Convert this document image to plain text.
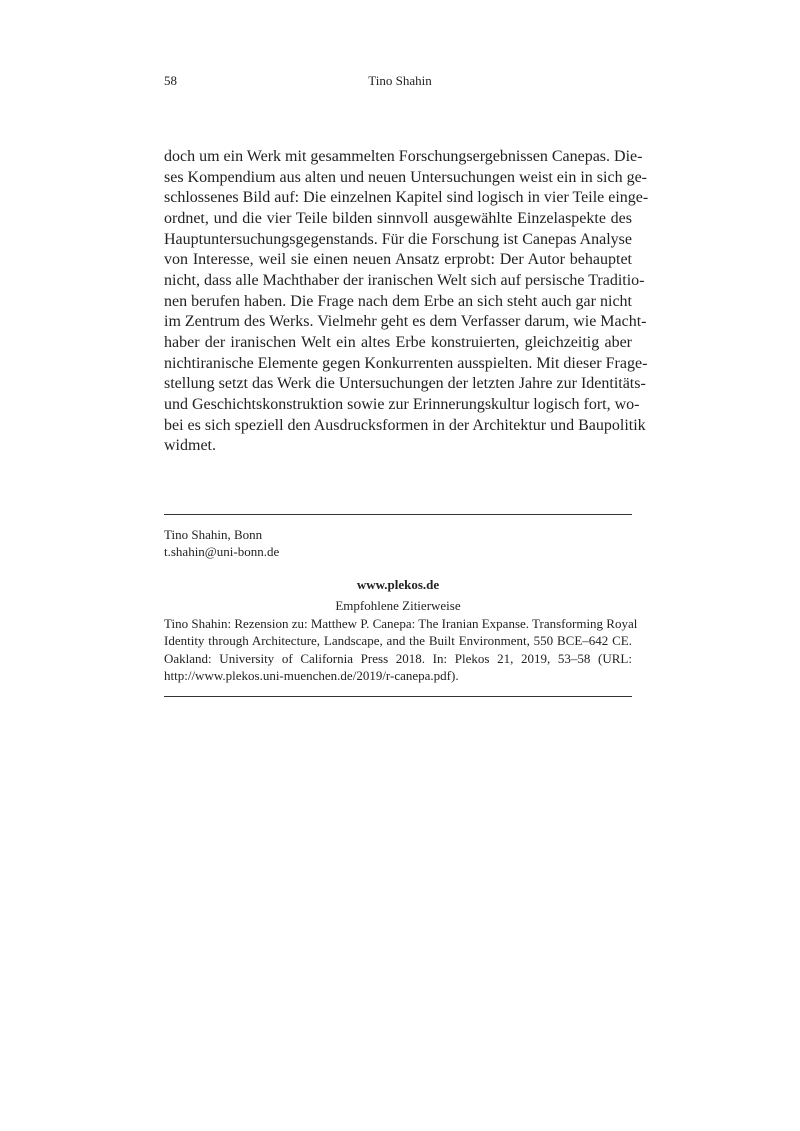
58	Tino Shahin
doch um ein Werk mit gesammelten Forschungsergebnissen Canepas. Die-
ses Kompendium aus alten und neuen Untersuchungen weist ein in sich ge-
schlossenes Bild auf: Die einzelnen Kapitel sind logisch in vier Teile einge-
ordnet, und die vier Teile bilden sinnvoll ausgewählte Einzelaspekte des
Hauptuntersuchungsgegenstands. Für die Forschung ist Canepas Analyse
von Interesse, weil sie einen neuen Ansatz erprobt: Der Autor behauptet
nicht, dass alle Machthaber der iranischen Welt sich auf persische Traditio-
nen berufen haben. Die Frage nach dem Erbe an sich steht auch gar nicht
im Zentrum des Werks. Vielmehr geht es dem Verfasser darum, wie Macht-
haber der iranischen Welt ein altes Erbe konstruierten, gleichzeitig aber
nichtiranische Elemente gegen Konkurrenten ausspielten. Mit dieser Frage-
stellung setzt das Werk die Untersuchungen der letzten Jahre zur Identitäts-
und Geschichtskonstruktion sowie zur Erinnerungskultur logisch fort, wo-
bei es sich speziell den Ausdrucksformen in der Architektur und Baupolitik
widmet.
Tino Shahin, Bonn
t.shahin@uni-bonn.de
www.plekos.de
Empfohlene Zitierweise
Tino Shahin: Rezension zu: Matthew P. Canepa: The Iranian Expanse. Transforming Royal
Identity through Architecture, Landscape, and the Built Environment, 550 BCE–642 CE.
Oakland: University of California Press 2018. In: Plekos 21, 2019, 53–58 (URL:
http://www.plekos.uni-muenchen.de/2019/r-canepa.pdf).
